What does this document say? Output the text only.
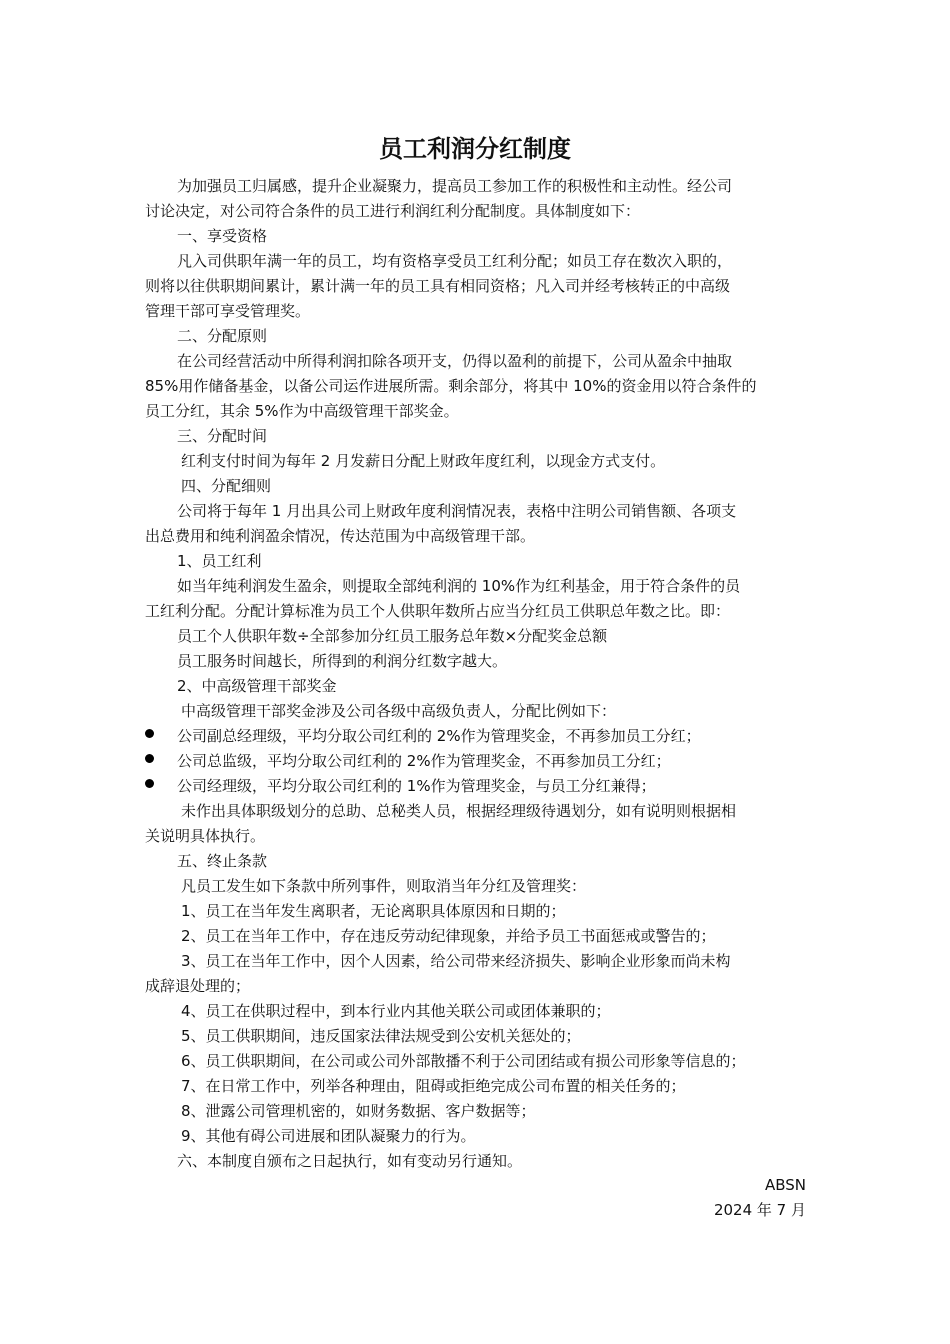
员工利润分红制度
为加强员工归属感，提升企业凝聚力，提高员工参加工作的积极性和主动性。经公司
讨论决定，对公司符合条件的员工进行利润红利分配制度。具体制度如下：
一、享受资格
凡入司供职年满一年的员工，均有资格享受员工红利分配；如员工存在数次入职的，
则将以往供职期间累计，累计满一年的员工具有相同资格；凡入司并经考核转正的中高级
管理干部可享受管理奖。
二、分配原则
在公司经营活动中所得利润扣除各项开支，仍得以盈利的前提下，公司从盈余中抽取
85%用作储备基金，以备公司运作进展所需。剩余部分，将其中 10%的资金用以符合条件的
员工分红，其余 5%作为中高级管理干部奖金。
三、分配时间
红利支付时间为每年 2 月发薪日分配上财政年度红利，以现金方式支付。
四、分配细则
公司将于每年 1 月出具公司上财政年度利润情况表，表格中注明公司销售额、各项支
出总费用和纯利润盈余情况，传达范围为中高级管理干部。
1、员工红利
如当年纯利润发生盈余，则提取全部纯利润的 10%作为红利基金，用于符合条件的员
工红利分配。分配计算标准为员工个人供职年数所占应当分红员工供职总年数之比。即：
员工个人供职年数÷全部参加分红员工服务总年数×分配奖金总额
员工服务时间越长，所得到的利润分红数字越大。
2、中高级管理干部奖金
中高级管理干部奖金涉及公司各级中高级负责人，分配比例如下：
公司副总经理级，平均分取公司红利的 2%作为管理奖金，不再参加员工分红；
公司总监级，平均分取公司红利的 2%作为管理奖金，不再参加员工分红；
公司经理级，平均分取公司红利的 1%作为管理奖金，与员工分红兼得；
未作出具体职级划分的总助、总秘类人员，根据经理级待遇划分，如有说明则根据相
关说明具体执行。
五、终止条款
凡员工发生如下条款中所列事件，则取消当年分红及管理奖：
1、员工在当年发生离职者，无论离职具体原因和日期的；
2、员工在当年工作中，存在违反劳动纪律现象，并给予员工书面惩戒或警告的；
3、员工在当年工作中，因个人因素，给公司带来经济损失、影响企业形象而尚未构
成辞退处理的；
4、员工在供职过程中，到本行业内其他关联公司或团体兼职的；
5、员工供职期间，违反国家法律法规受到公安机关惩处的；
6、员工供职期间，在公司或公司外部散播不利于公司团结或有损公司形象等信息的；
7、在日常工作中，列举各种理由，阻碍或拒绝完成公司布置的相关任务的；
8、泄露公司管理机密的，如财务数据、客户数据等；
9、其他有碍公司进展和团队凝聚力的行为。
六、本制度自颁布之日起执行，如有变动另行通知。
ABSN
2024 年 7 月
